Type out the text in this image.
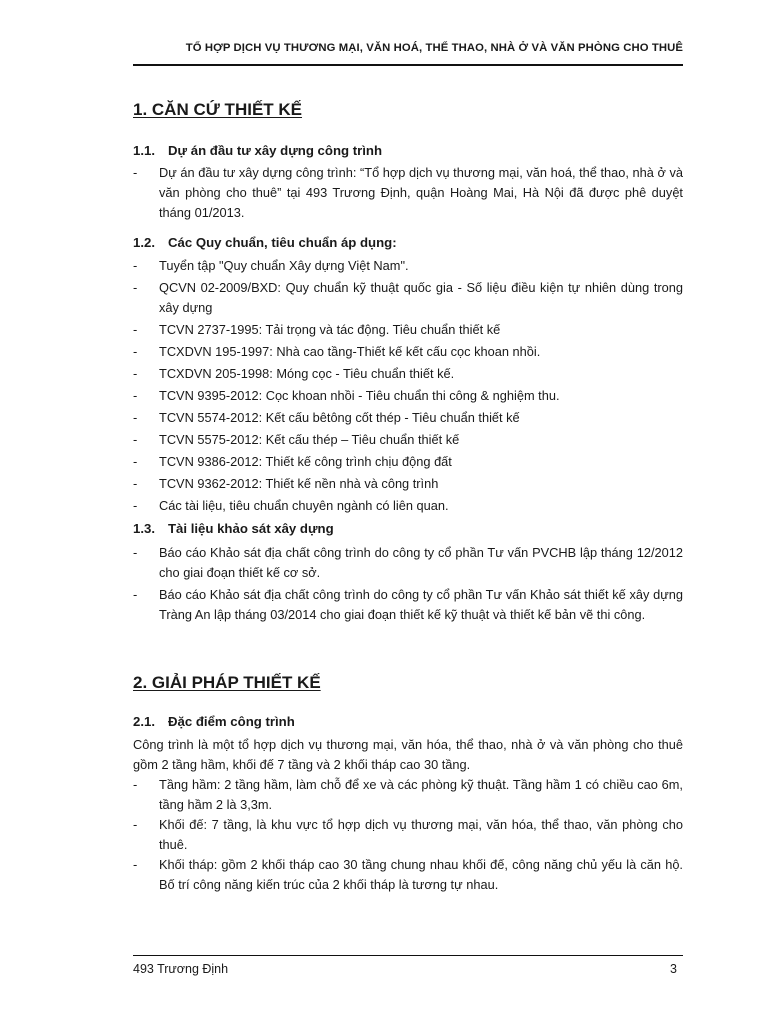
TỔ HỢP DỊCH VỤ THƯƠNG MẠI, VĂN HOÁ, THỂ THAO, NHÀ Ở VÀ VĂN PHÒNG CHO THUÊ
1. CĂN CỨ THIẾT KẾ
1.1. Dự án đầu tư xây dựng công trình
- Dự án đầu tư xây dựng công trình: “Tổ hợp dịch vụ thương mại, văn hoá, thể thao, nhà ở và văn phòng cho thuê” tại 493 Trương Định, quận Hoàng Mai, Hà Nội đã được phê duyệt tháng 01/2013.
1.2. Các Quy chuẩn, tiêu chuẩn áp dụng:
- Tuyển tập "Quy chuẩn Xây dựng Việt Nam".
- QCVN 02-2009/BXD: Quy chuẩn kỹ thuật quốc gia - Số liệu điều kiện tự nhiên dùng trong xây dựng
- TCVN 2737-1995: Tải trọng và tác động. Tiêu chuẩn thiết kế
- TCXDVN 195-1997: Nhà cao tầng-Thiết kế kết cấu cọc khoan nhồi.
- TCXDVN 205-1998: Móng cọc - Tiêu chuẩn thiết kế.
- TCVN 9395-2012: Cọc khoan nhồi - Tiêu chuẩn thi công & nghiệm thu.
- TCVN 5574-2012: Kết cấu bêtông cốt thép - Tiêu chuẩn thiết kế
- TCVN 5575-2012: Kết cấu thép – Tiêu chuẩn thiết kế
- TCVN 9386-2012: Thiết kế công trình chịu động đất
- TCVN 9362-2012: Thiết kế nền nhà và công trình
- Các tài liệu, tiêu chuẩn chuyên ngành có liên quan.
1.3. Tài liệu khảo sát xây dựng
- Báo cáo Khảo sát địa chất công trình do công ty cổ phần Tư vấn PVCHB lập tháng 12/2012 cho giai đoạn thiết kế cơ sở.
- Báo cáo Khảo sát địa chất công trình do công ty cổ phần Tư vấn Khảo sát thiết kế xây dựng Tràng An lập tháng 03/2014 cho giai đoạn thiết kế kỹ thuật và thiết kế bản vẽ thi công.
2. GIẢI PHÁP THIẾT KẾ
2.1. Đặc điểm công trình

Công trình là một tổ hợp dịch vụ thương mại, văn hóa, thể thao, nhà ở và văn phòng cho thuê gồm 2 tầng hầm, khối đế 7 tầng và 2 khối tháp cao 30 tầng.

- Tầng hầm: 2 tầng hầm, làm chỗ để xe và các phòng kỹ thuật. Tầng hầm 1 có chiều cao 6m, tầng hầm 2 là 3,3m.
- Khối đế: 7 tầng, là khu vực tổ hợp dịch vụ thương mại, văn hóa, thể thao, văn phòng cho thuê.
- Khối tháp: gồm 2 khối tháp cao 30 tầng chung nhau khối đế, công năng chủ yếu là căn hộ. Bố trí công năng kiến trúc của 2 khối tháp là tương tự nhau.
493 Trương Định	3
